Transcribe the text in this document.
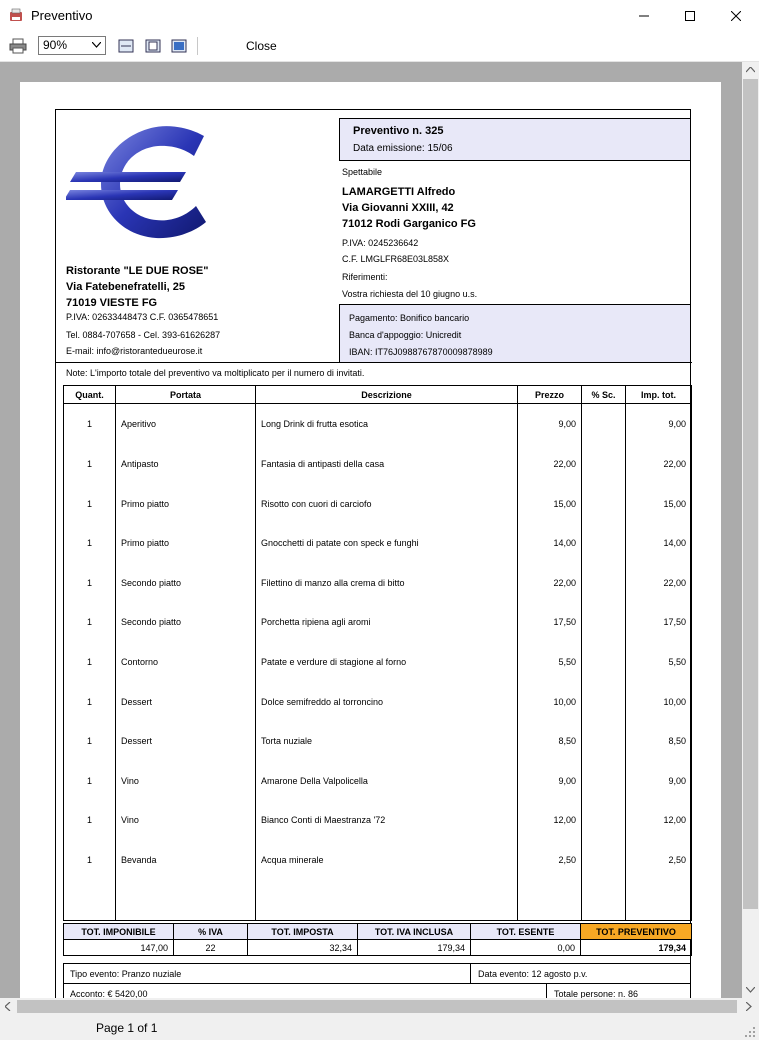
Preventivo
90%	Close
Ristorante "LE DUE ROSE"
Via Fatebenefratelli, 25
71019 VIESTE FG
P.IVA: 02633448473 C.F. 0365478651
Tel. 0884-707658 - Cel. 393-61626287
E-mail: info@ristorantedueurose.it
Preventivo n. 325
Data emissione: 15/06
Spettabile
LAMARGETTI Alfredo
Via Giovanni XXIII, 42
71012 Rodi Garganico FG
P.IVA: 0245236642
C.F. LMGLFR68E03L858X
Riferimenti:
Vostra richiesta del 10 giugno u.s.
Pagamento: Bonifico bancario
Banca d'appoggio: Unicredit
IBAN: IT76J0988767870009878989
Note: L'importo totale del preventivo va moltiplicato per il numero di invitati.
Quant.	Portata	Descrizione	Prezzo	% Sc.	Imp. tot.
1	Aperitivo	Long Drink di frutta esotica	9,00		9,00
1	Antipasto	Fantasia di antipasti della casa	22,00		22,00
1	Primo piatto	Risotto con cuori di carciofo	15,00		15,00
1	Primo piatto	Gnocchetti di patate con speck e funghi	14,00		14,00
1	Secondo piatto	Filettino di manzo alla crema di bitto	22,00		22,00
1	Secondo piatto	Porchetta ripiena agli aromi	17,50		17,50
1	Contorno	Patate e verdure di stagione al forno	5,50		5,50
1	Dessert	Dolce semifreddo al torroncino	10,00		10,00
1	Dessert	Torta nuziale	8,50		8,50
1	Vino	Amarone Della Valpolicella	9,00		9,00
1	Vino	Bianco Conti di Maestranza '72	12,00		12,00
1	Bevanda	Acqua minerale	2,50		2,50

TOT. IMPONIBILE	% IVA	TOT. IMPOSTA	TOT. IVA INCLUSA	TOT. ESENTE	TOT. PREVENTIVO
147,00	22	32,34	179,34	0,00	179,34
Tipo evento: Pranzo nuziale	Data evento: 12 agosto p.v.
Acconto: € 5420,00	Totale persone: n. 86
Page 1 of 1
